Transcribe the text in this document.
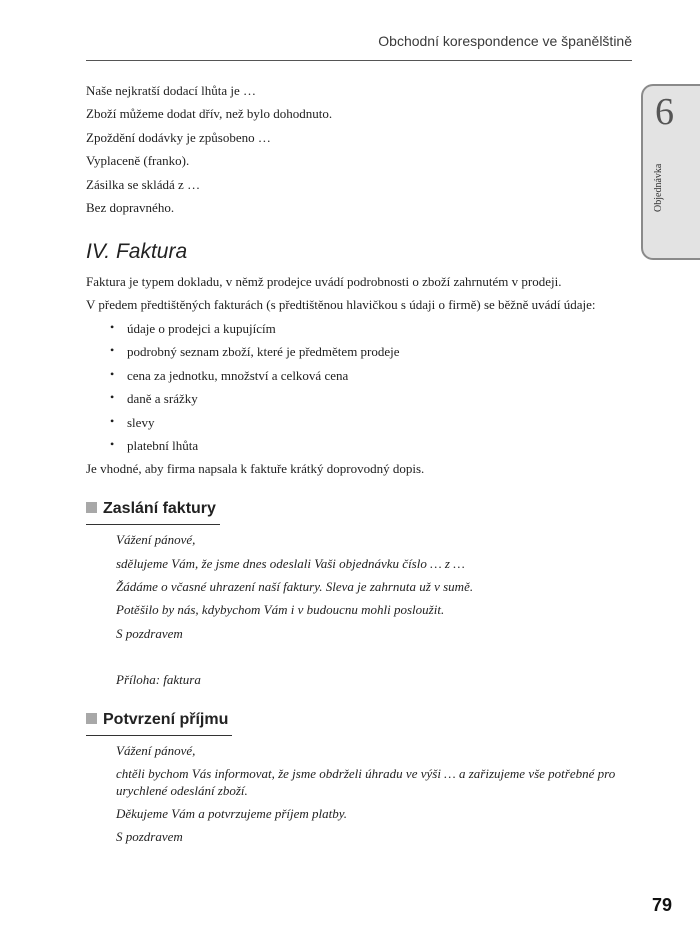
Obchodní korespondence ve španělštině
6
Objednávka
Naše nejkratší dodací lhůta je …
Zboží můžeme dodat dřív, než bylo dohodnuto.
Zpoždění dodávky je způsobeno …
Vyplaceně (franko).
Zásilka se skládá z …
Bez dopravného.
IV. Faktura
Faktura je typem dokladu, v němž prodejce uvádí podrobnosti o zboží zahrnutém v prodeji.
V předem předtištěných fakturách (s předtištěnou hlavičkou s údaji o firmě) se běžně uvádí údaje:
• údaje o prodejci a kupujícím
• podrobný seznam zboží, které je předmětem prodeje
• cena za jednotku, množství a celková cena
• daně a srážky
• slevy
• platební lhůta
Je vhodné, aby firma napsala k faktuře krátký doprovodný dopis.
Zaslání faktury
Vážení pánové,
sdělujeme Vám, že jsme dnes odeslali Vaši objednávku číslo … z …
Žádáme o včasné uhrazení naší faktury. Sleva je zahrnuta už v sumě.
Potěšilo by nás, kdybychom Vám i v budoucnu mohli posloužit.
S pozdravem
Příloha: faktura
Potvrzení příjmu
Vážení pánové,
chtěli bychom Vás informovat, že jsme obdrželi úhradu ve výši … a zařizujeme vše potřebné pro
urychlené odeslání zboží.
Děkujeme Vám a potvrzujeme příjem platby.
S pozdravem
79
